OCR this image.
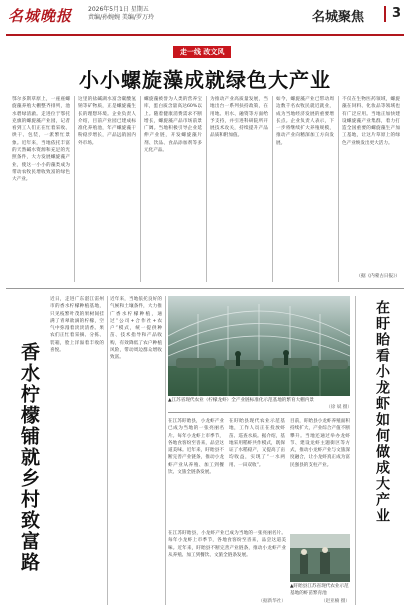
名城晚报	2026年5月1日 星期五
责编/孙婉婉 美编/罗万玲	名城聚焦 3
走一线 改文风
小小螺旋藻成就绿色大产业
鄂尔多斯草原上，一座座螺旋藻养殖大棚整齐排列，池水碧绿清澈。走进位于鄂托克旗的螺旋藻产业园，记者看到工人们正在忙着采收、烘干、包装，一派繁忙景象。近年来，当地依托丰富的天然碱水资源和充足的光照条件，大力发展螺旋藻产业，使这一小小的藻类成为带动农牧民增收致富的绿色大产业。
这里的盐碱湖水富含碳酸氢钠等矿物质，正是螺旋藻生长的理想环境。企业负责人介绍，目前产业园已建成标准化养殖池，年产螺旋藻干粉稳步增长，产品远销国内外市场。
螺旋藻被誉为人类的营养宝库，蛋白质含量高达60%以上。随着健康消费需求不断增长，螺旋藻产品市场前景广阔。当地积极引导企业延伸产业链，开发螺旋藻片剂、饮品、食品添加剂等多元化产品。
为推动产业高质量发展，当地出台一系列扶持政策，在用地、用水、融资等方面给予支持，并引进科研院所开展技术攻关，持续提升产品品质和附加值。
如今，螺旋藻产业已带动周边数千名农牧民就近就业，成为当地经济发展的重要增长点。企业负责人表示，下一步将继续扩大养殖规模，推动产业向精深加工方向发展。
不仅在生物医药领域，螺旋藻在饲料、化妆品等领域也有广泛应用。当地正加快建设螺旋藻产业集群，着力打造全国重要的螺旋藻生产加工基地，让这片草原上的绿色产业焕发出更大活力。
（据《内蒙古日报》）
香水柠檬铺就乡村致富路
近日，走进广东湛江雷州市的香水柠檬种植基地，只见枝繁叶茂的果树间挂满了青翠欲滴的柠檬，空气中弥漫着淡淡清香。果农们正忙着采摘、分拣、装箱，脸上洋溢着丰收的喜悦。
近年来，当地依托良好的气候和土壤条件，大力推广香水柠檬种植，通过“公司+合作社+农户”模式，统一提供种苗、技术指导和产品收购，有效降低了农户种植风险，带动周边群众增收致富。
▲江苏省现代农业（柠檬龙虾）全产业链标准化示范基地的繁育大棚内景
（徐 斌 摄） 在盱眙看小龙虾如何做成大产业
在江苏盱眙县，小龙虾产业已成为当地的一张亮丽名片。每年小龙虾上市季节，各地食客纷至沓来，品尝这道美味。近年来，盱眙县不断完善产业链条，推动小龙虾产业从养殖、加工到餐饮、文旅全链条发展。
在盱眙县现代农业示范基地，工作人员正在投放虾苗、巡查水质。据介绍，基地采用稻虾共作模式，既保证了水稻稳产，又提高了亩均收益，实现了“一水两用、一田双收”。
目前，盱眙县小龙虾养殖面积持续扩大，产业综合产值不断攀升。当地还通过举办龙虾节、建设龙虾主题街区等方式，推动小龙虾产业与文旅深度融合，让小龙虾真正成为富民强县的支柱产业。
在江苏盱眙县，小龙虾产业已成为当地的一张亮丽名片。每年小龙虾上市季节，各地食客纷至沓来，品尝这道美味。近年来，盱眙县不断完善产业链条，推动小龙虾产业从养殖、加工到餐饮、文旅全链条发展。
▲盱眙县江苏省现代农业示范基地的虾苗繁育池
（赵亚楠 摄）
（据新华社）
